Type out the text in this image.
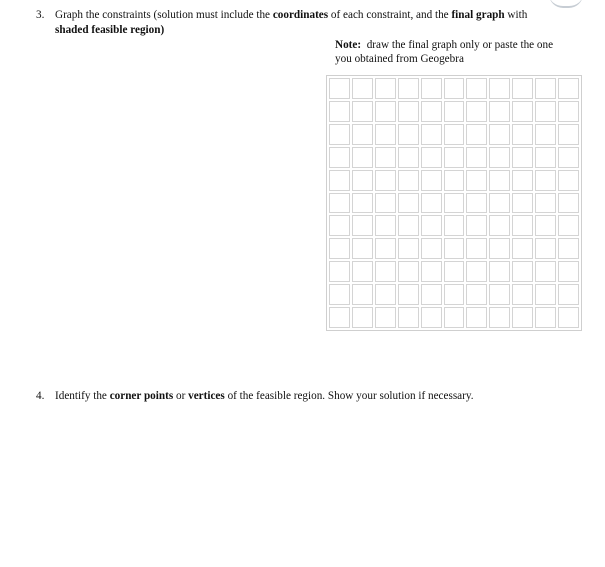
3. Graph the constraints (solution must include the coordinates of each constraint, and the final graph with
shaded feasible region)
Note:  draw the final graph only or paste the one
you obtained from Geogebra
4. Identify the corner points or vertices of the feasible region. Show your solution if necessary.
